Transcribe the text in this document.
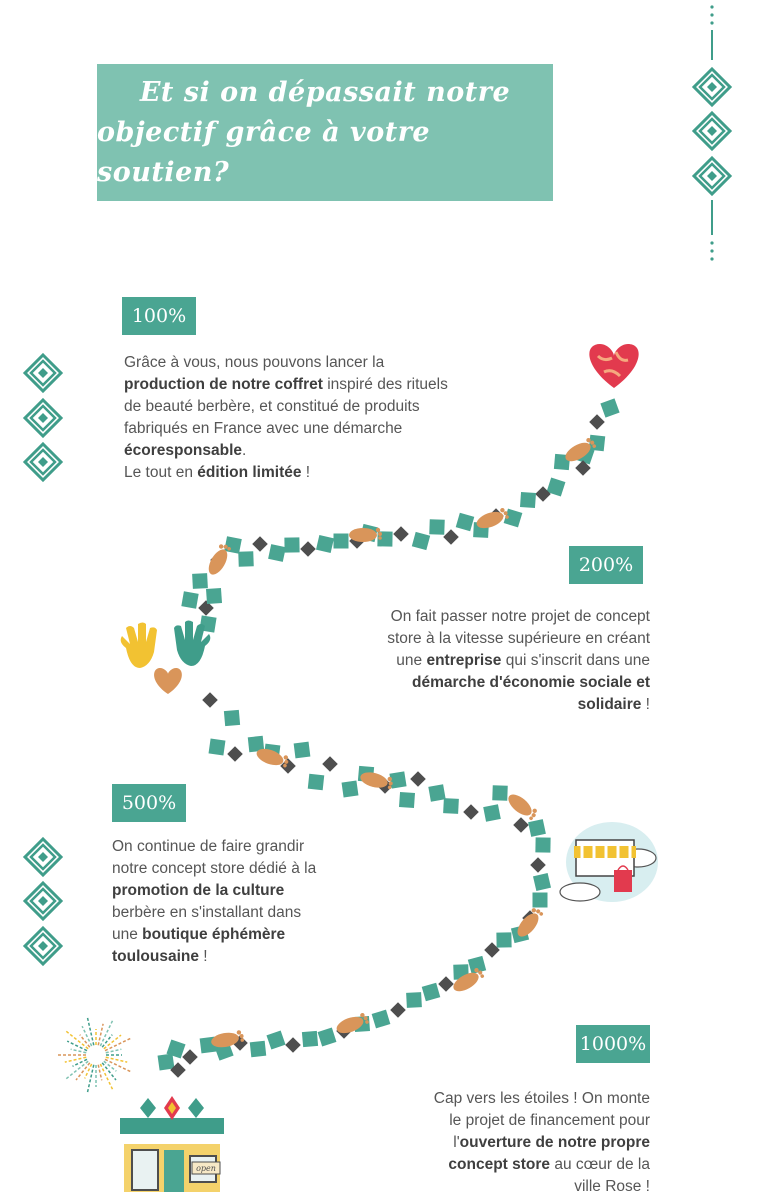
open
Et si on dépassait notre
objectif grâce à votre soutien?
100%

Grâce à vous, nous pouvons lancer la
production de notre coffret inspiré des rituels
de beauté berbère, et constitué de produits
fabriqués en France avec une démarche
écoresponsable.
Le tout en édition limitée !

200%

On fait passer notre projet de concept
store à la vitesse supérieure en créant
une entreprise qui s'inscrit dans une
démarche d'économie sociale et
solidaire !

500%

On continue de faire grandir
notre concept store dédié à la
promotion de la culture
berbère en s'installant dans
une boutique éphémère
toulousaine !

1000%

Cap vers les étoiles ! On monte
le projet de financement pour
l'ouverture de notre propre
concept store au cœur de la
ville Rose !
